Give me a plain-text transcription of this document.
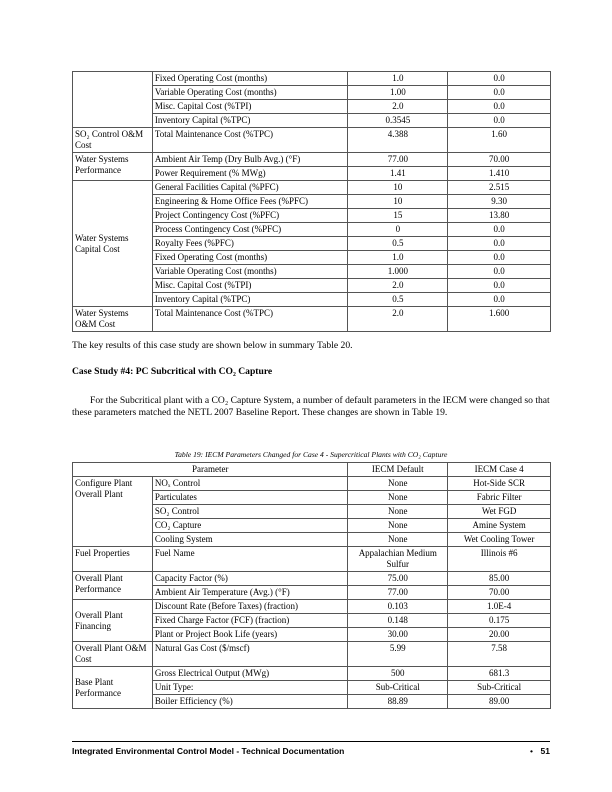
	Fixed Operating Cost (months)	1.0	0.0
	Variable Operating Cost (months)	1.00	0.0
	Misc. Capital Cost (%TPI)	2.0	0.0
	Inventory Capital (%TPC)	0.3545	0.0
SO₂ Control O&M Cost	Total Maintenance Cost (%TPC)	4.388	1.60
Water Systems Performance	Ambient Air Temp (Dry Bulb Avg.) (°F)	77.00	70.00
	Power Requirement (% MWg)	1.41	1.410
Water Systems Capital Cost	General Facilities Capital (%PFC)	10	2.515
	Engineering & Home Office Fees (%PFC)	10	9.30
	Project Contingency Cost (%PFC)	15	13.80
	Process Contingency Cost (%PFC)	0	0.0
	Royalty Fees (%PFC)	0.5	0.0
	Fixed Operating Cost (months)	1.0	0.0
	Variable Operating Cost (months)	1.000	0.0
	Misc. Capital Cost (%TPI)	2.0	0.0
	Inventory Capital (%TPC)	0.5	0.0
Water Systems O&M Cost	Total Maintenance Cost (%TPC)	2.0	1.600
The key results of this case study are shown below in summary Table 20.
Case Study #4: PC Subcritical with CO₂ Capture
For the Subcritical plant with a CO₂ Capture System, a number of default parameters in the IECM were changed so that these parameters matched the NETL 2007 Baseline Report. These changes are shown in Table 19.
Table 19: IECM Parameters Changed for Case 4 - Supercritical Plants with CO₂ Capture
Parameter		IECM Default	IECM Case 4
Configure Plant Overall Plant	NOₓ Control	None	Hot-Side SCR
	Particulates	None	Fabric Filter
	SO₂ Control	None	Wet FGD
	CO₂ Capture	None	Amine System
	Cooling System	None	Wet Cooling Tower
Fuel Properties	Fuel Name	Appalachian Medium Sulfur	Illinois #6
Overall Plant Performance	Capacity Factor (%)	75.00	85.00
	Ambient Air Temperature (Avg.) (°F)	77.00	70.00
Overall Plant Financing	Discount Rate (Before Taxes) (fraction)	0.103	1.0E-4
	Fixed Charge Factor (FCF) (fraction)	0.148	0.175
	Plant or Project Book Life (years)	30.00	20.00
Overall Plant O&M Cost	Natural Gas Cost ($/mscf)	5.99	7.58
Base Plant Performance	Gross Electrical Output (MWg)	500	681.3
	Unit Type:	Sub-Critical	Sub-Critical
	Boiler Efficiency (%)	88.89	89.00
Integrated Environmental Control Model - Technical Documentation	• 51
